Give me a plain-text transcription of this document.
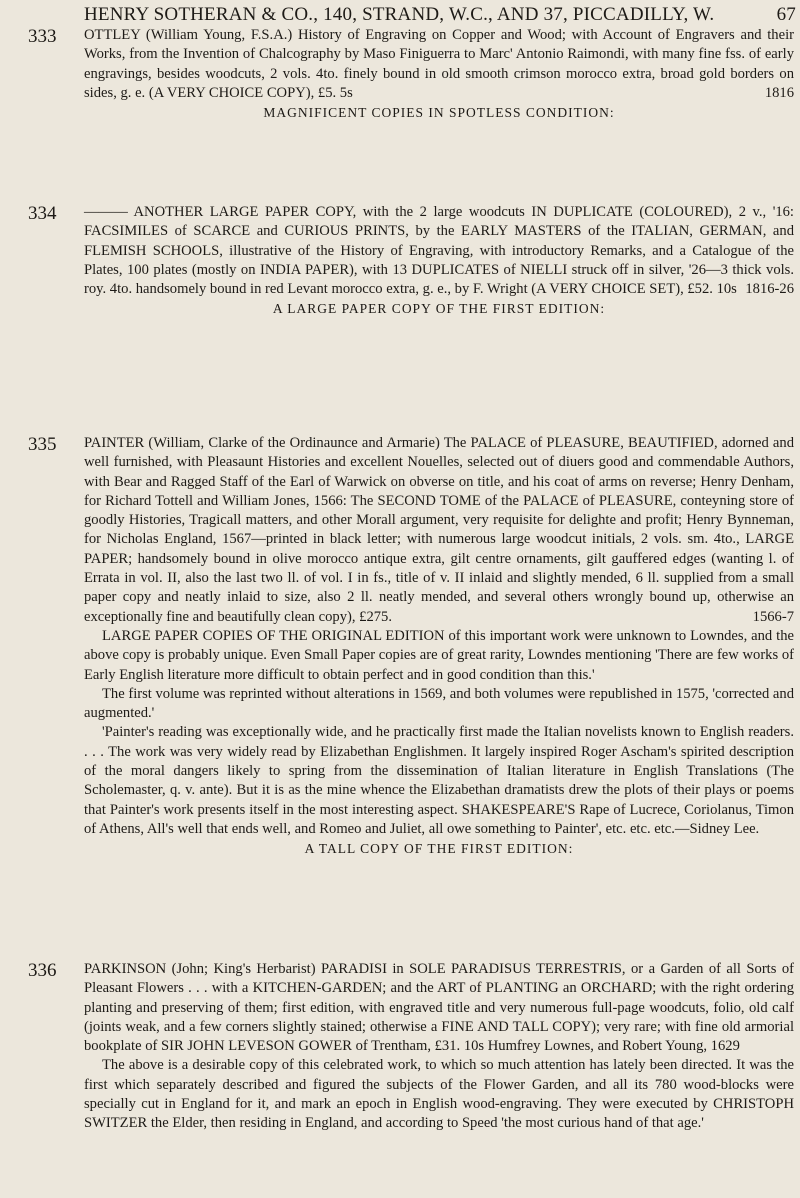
HENRY SOTHERAN & CO., 140, STRAND, W.C., AND 37, PICCADILLY, W.	67
333 OTTLEY (William Young, F.S.A.) History of Engraving on Copper and Wood; with Account of Engravers and their Works, from the Invention of Chalcography by Maso Finiguerra to Marc' Antonio Raimondi, with many fine fss. of early engravings, besides woodcuts, 2 vols. 4to. finely bound in old smooth crimson morocco extra, broad gold borders on sides, g. e. (A VERY CHOICE COPY), £5. 5s	1816

MAGNIFICENT COPIES IN SPOTLESS CONDITION:

334 ——— ANOTHER LARGE PAPER COPY, with the 2 large woodcuts IN DUPLICATE (COLOURED), 2 v., '16: FACSIMILES of SCARCE and CURIOUS PRINTS, by the EARLY MASTERS of the ITALIAN, GERMAN, and FLEMISH SCHOOLS, illustrative of the History of Engraving, with introductory Remarks, and a Catalogue of the Plates, 100 plates (mostly on INDIA PAPER), with 13 DUPLICATES of NIELLI struck off in silver, '26—3 thick vols. roy. 4to. handsomely bound in red Levant morocco extra, g. e., by F. Wright (A VERY CHOICE SET), £52. 10s 1816-26

A LARGE PAPER COPY OF THE FIRST EDITION:

335 PAINTER (William, Clarke of the Ordinaunce and Armarie) The PALACE of PLEASURE, BEAUTIFIED, adorned and well furnished, with Pleasaunt Histories and excellent Nouelles, selected out of diuers good and commendable Authors, with Bear and Ragged Staff of the Earl of Warwick on obverse on title, and his coat of arms on reverse; Henry Denham, for Richard Tottell and William Jones, 1566: The SECOND TOME of the PALACE of PLEASURE, conteyning store of goodly Histories, Tragicall matters, and other Morall argument, very requisite for delighte and profit; Henry Bynneman, for Nicholas England, 1567—printed in black letter; with numerous large woodcut initials, 2 vols. sm. 4to., LARGE PAPER; handsomely bound in olive morocco antique extra, gilt centre ornaments, gilt gauffered edges (wanting l. of Errata in vol. II, also the last two ll. of vol. I in fs., title of v. II inlaid and slightly mended, 6 ll. supplied from a small paper copy and neatly inlaid to size, also 2 ll. neatly mended, and several others wrongly bound up, otherwise an exceptionally fine and beautifully clean copy), £275.	1566-7

LARGE PAPER COPIES OF THE ORIGINAL EDITION of this important work were unknown to Lowndes, and the above copy is probably unique. Even Small Paper copies are of great rarity, Lowndes mentioning 'There are few works of Early English literature more difficult to obtain perfect and in good condition than this.'

The first volume was reprinted without alterations in 1569, and both volumes were republished in 1575, 'corrected and augmented.'

'Painter's reading was exceptionally wide, and he practically first made the Italian novelists known to English readers. . . . The work was very widely read by Elizabethan Englishmen. It largely inspired Roger Ascham's spirited description of the moral dangers likely to spring from the dissemination of Italian literature in English Translations (The Scholemaster, q. v. ante). But it is as the mine whence the Elizabethan dramatists drew the plots of their plays or poems that Painter's work presents itself in the most interesting aspect. SHAKESPEARE'S Rape of Lucrece, Coriolanus, Timon of Athens, All's well that ends well, and Romeo and Juliet, all owe something to Painter', etc. etc. etc.—Sidney Lee.

A TALL COPY OF THE FIRST EDITION:

336 PARKINSON (John; King's Herbarist) PARADISI in SOLE PARADISUS TERRESTRIS, or a Garden of all Sorts of Pleasant Flowers . . . with a KITCHEN-GARDEN; and the ART of PLANTING an ORCHARD; with the right ordering planting and preserving of them; first edition, with engraved title and very numerous full-page woodcuts, folio, old calf (joints weak, and a few corners slightly stained; otherwise a FINE AND TALL COPY); very rare; with fine old armorial bookplate of SIR JOHN LEVESON GOWER of Trentham, £31. 10s Humfrey Lownes, and Robert Young, 1629

The above is a desirable copy of this celebrated work, to which so much attention has lately been directed. It was the first which separately described and figured the subjects of the Flower Garden, and all its 780 wood-blocks were specially cut in England for it, and mark an epoch in English wood-engraving. They were executed by CHRISTOPH SWITZER the Elder, then residing in England, and according to Speed 'the most curious hand of that age.'
